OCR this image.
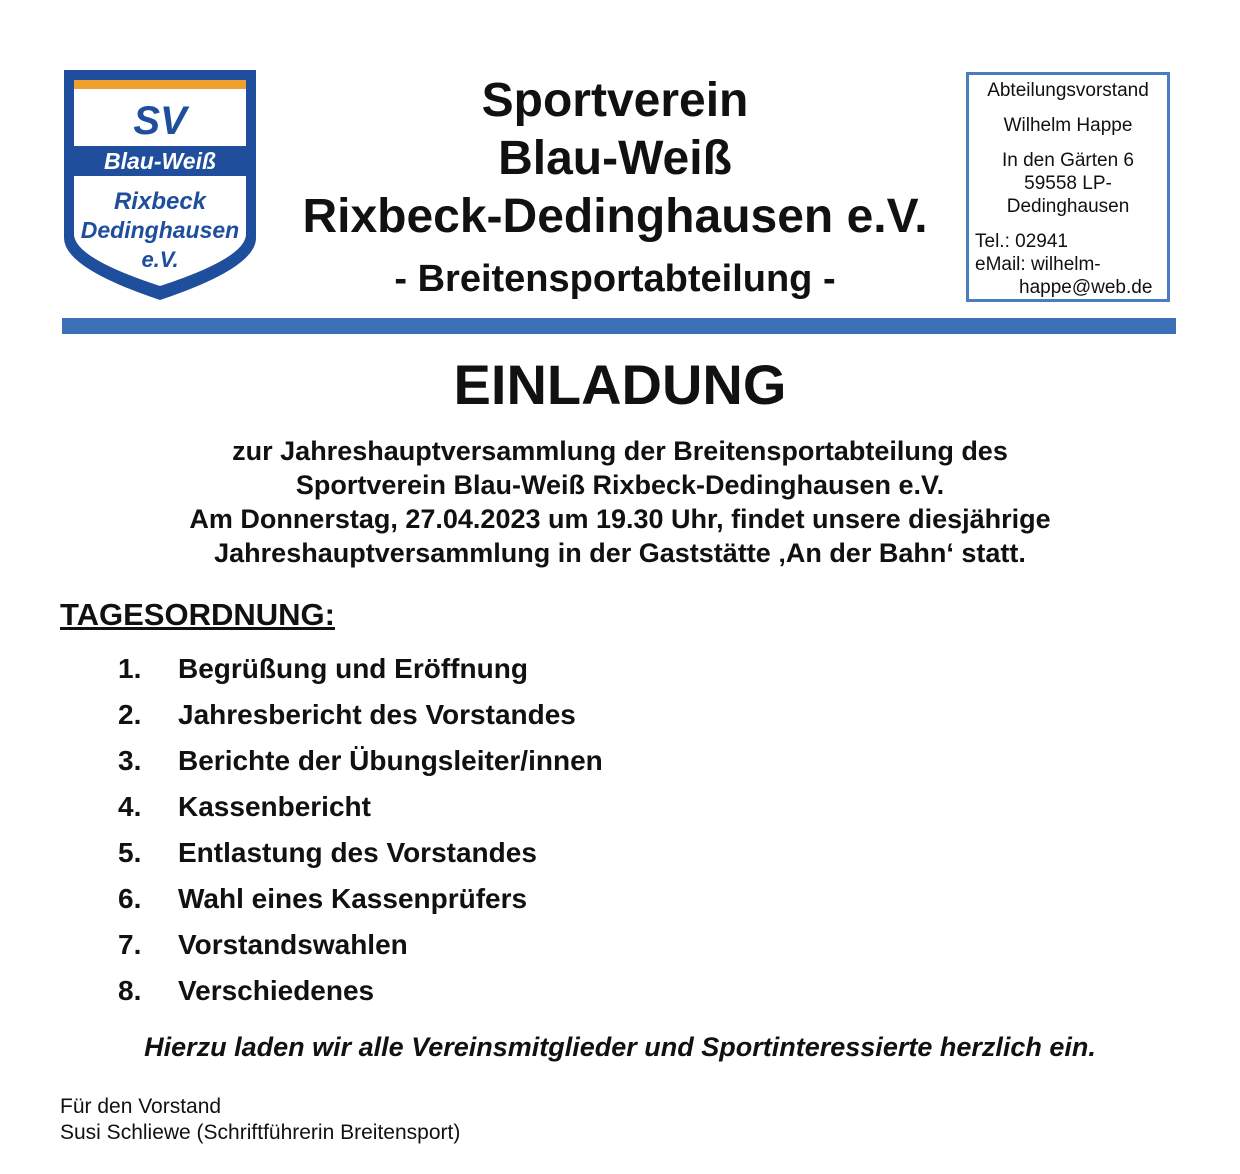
SV
Blau-Weiß
Rixbeck
Dedinghausen
e.V.
Sportverein
Blau-Weiß
Rixbeck-Dedinghausen e.V.
- Breitensportabteilung -
Abteilungsvorstand
Wilhelm Happe
In den Gärten 6
59558 LP-
Dedinghausen
Tel.: 02941
eMail: wilhelm-
happe@web.de
EINLADUNG
zur Jahreshauptversammlung der Breitensportabteilung des
Sportverein Blau-Weiß Rixbeck-Dedinghausen e.V.
Am Donnerstag, 27.04.2023 um 19.30 Uhr, findet unsere diesjährige
Jahreshauptversammlung in der Gaststätte ‚An der Bahn‘ statt.
TAGESORDNUNG:
1.	Begrüßung und Eröffnung
2.	Jahresbericht des Vorstandes
3.	Berichte der Übungsleiter/innen
4.	Kassenbericht
5.	Entlastung des Vorstandes
6.	Wahl eines Kassenprüfers
7.	Vorstandswahlen
8.	Verschiedenes
Hierzu laden wir alle Vereinsmitglieder und Sportinteressierte herzlich ein.
Für den Vorstand
Susi Schliewe (Schriftführerin Breitensport)
